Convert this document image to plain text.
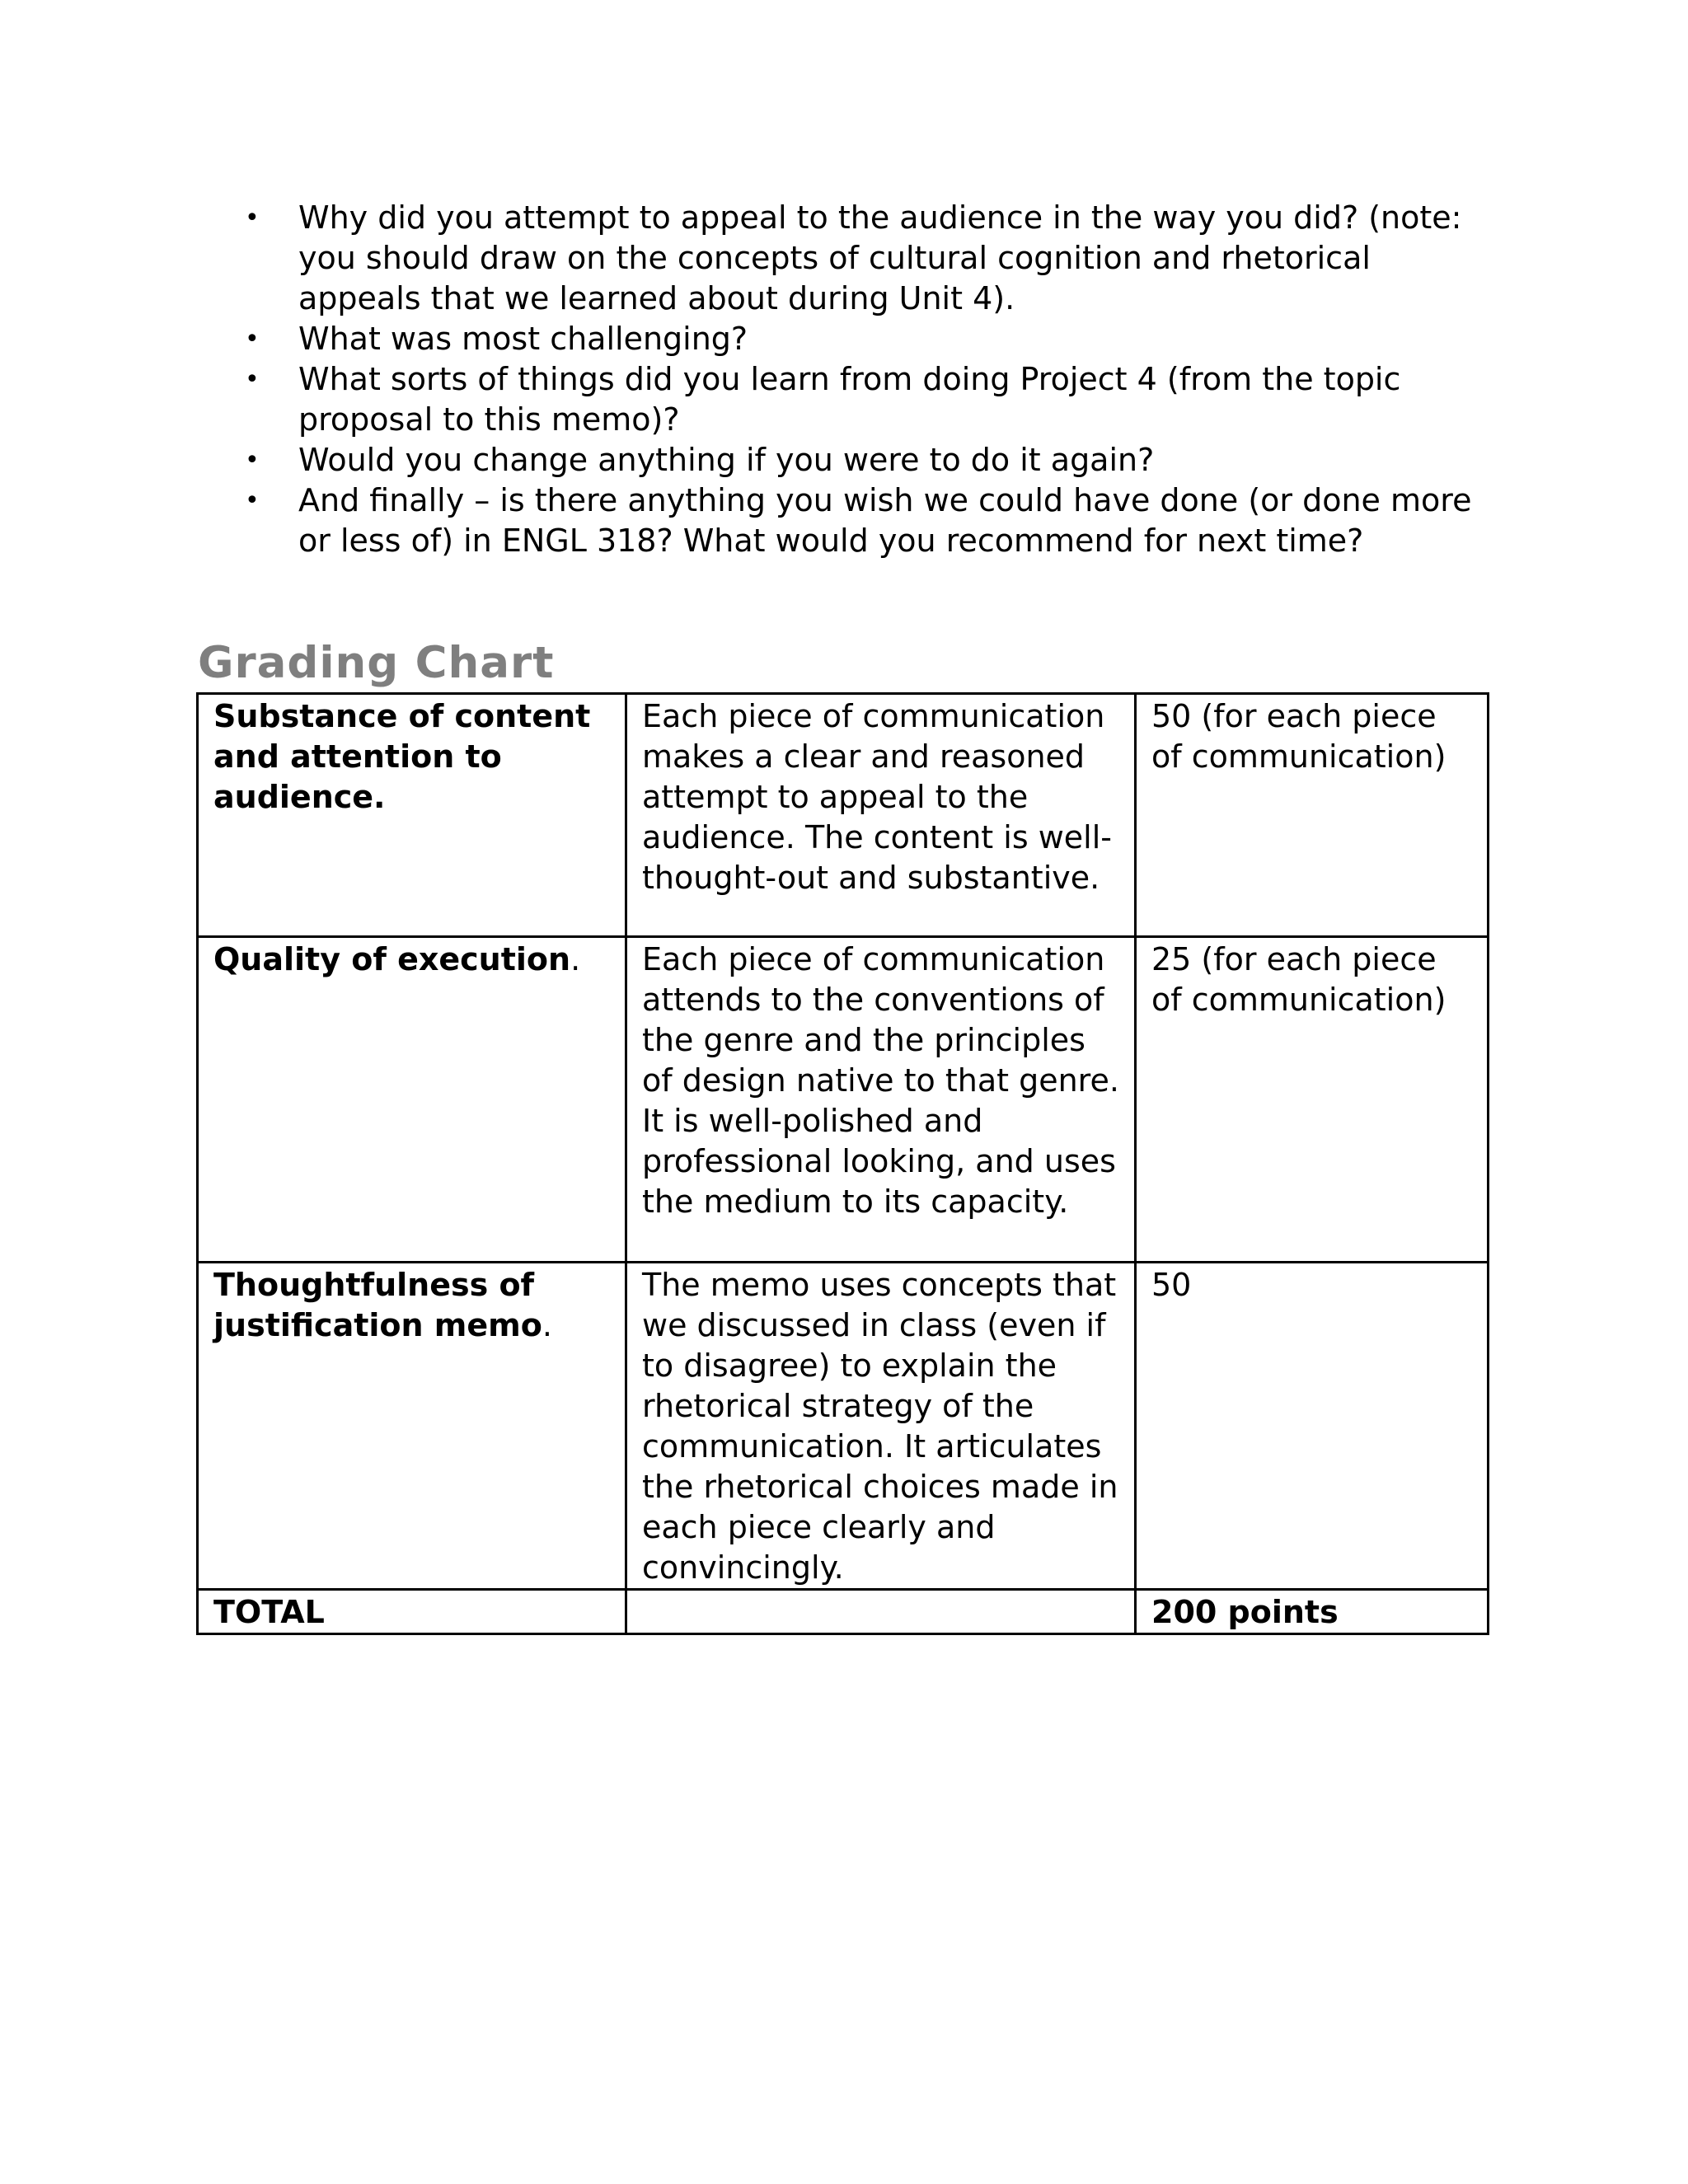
• Why did you attempt to appeal to the audience in the way you did? (note: you should draw on the concepts of cultural cognition and rhetorical appeals that we learned about during Unit 4).
• What was most challenging?
• What sorts of things did you learn from doing Project 4 (from the topic proposal to this memo)?
• Would you change anything if you were to do it again?
• And finally – is there anything you wish we could have done (or done more or less of) in ENGL 318? What would you recommend for next time?
Grading Chart
Substance of content and attention to audience.	Each piece of communication makes a clear and reasoned attempt to appeal to the audience. The content is well-thought-out and substantive.	50 (for each piece of communication)
Quality of execution.	Each piece of communication attends to the conventions of the genre and the principles of design native to that genre. It is well-polished and professional looking, and uses the medium to its capacity.	25 (for each piece of communication)
Thoughtfulness of justification memo.	The memo uses concepts that we discussed in class (even if to disagree) to explain the rhetorical strategy of the communication. It articulates the rhetorical choices made in each piece clearly and convincingly.	50
TOTAL		200 points
